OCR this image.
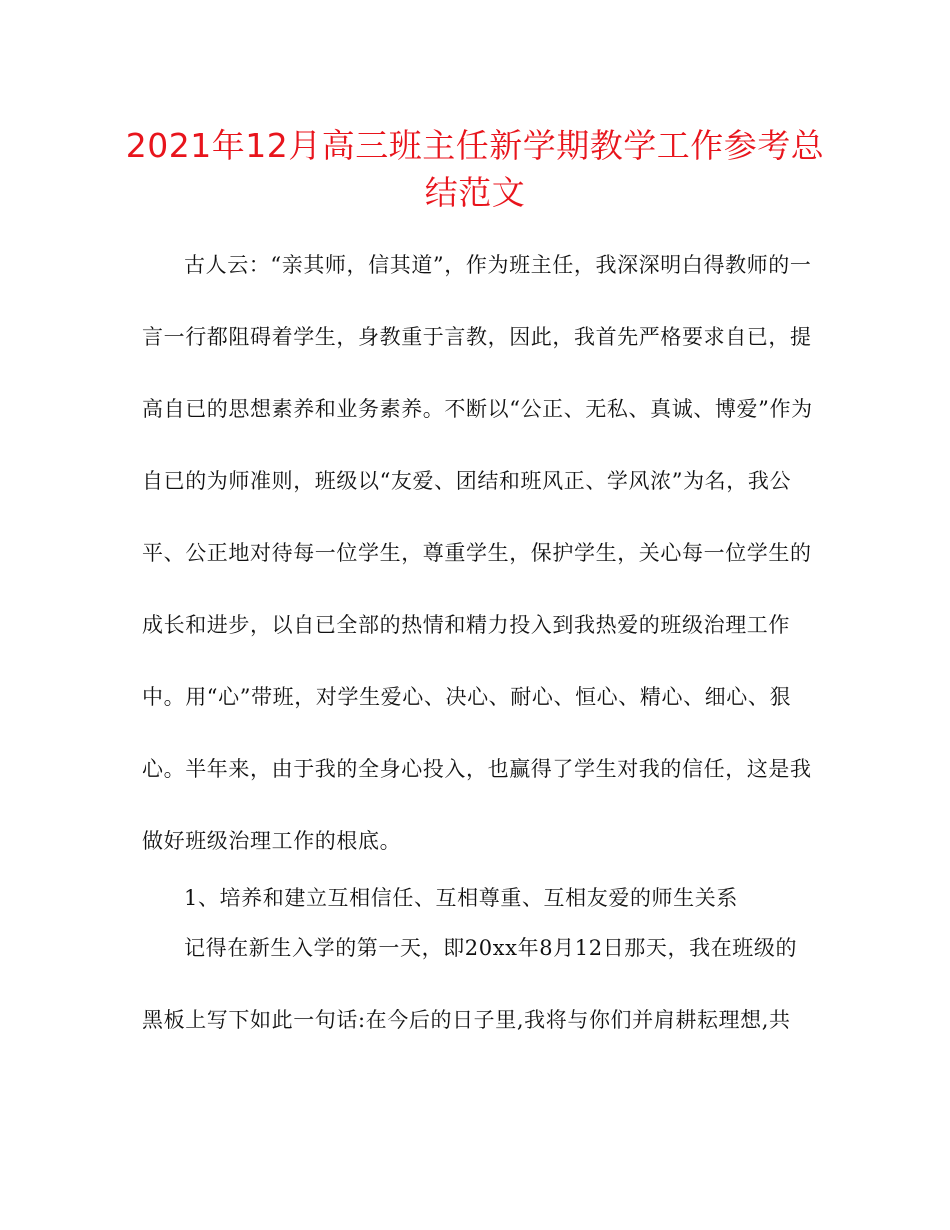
2021年12月高三班主任新学期教学工作参考总结范文

古人云：“亲其师，信其道”，作为班主任，我深深明白得教师的一言一行都阻碍着学生，身教重于言教，因此，我首先严格要求自已，提高自已的思想素养和业务素养。不断以“公正、无私、真诚、博爱”作为自已的为师准则，班级以“友爱、团结和班风正、学风浓”为名，我公平、公正地对待每一位学生，尊重学生，保护学生，关心每一位学生的成长和进步，以自已全部的热情和精力投入到我热爱的班级治理工作中。用“心”带班，对学生爱心、决心、耐心、恒心、精心、细心、狠心。半年来，由于我的全身心投入，也赢得了学生对我的信任，这是我做好班级治理工作的根底。

1、培养和建立互相信任、互相尊重、互相友爱的师生关系

记得在新生入学的第一天，即20xx年8月12日那天，我在班级的黑板上写下如此一句话:在今后的日子里,我将与你们并肩耕耘理想,共
